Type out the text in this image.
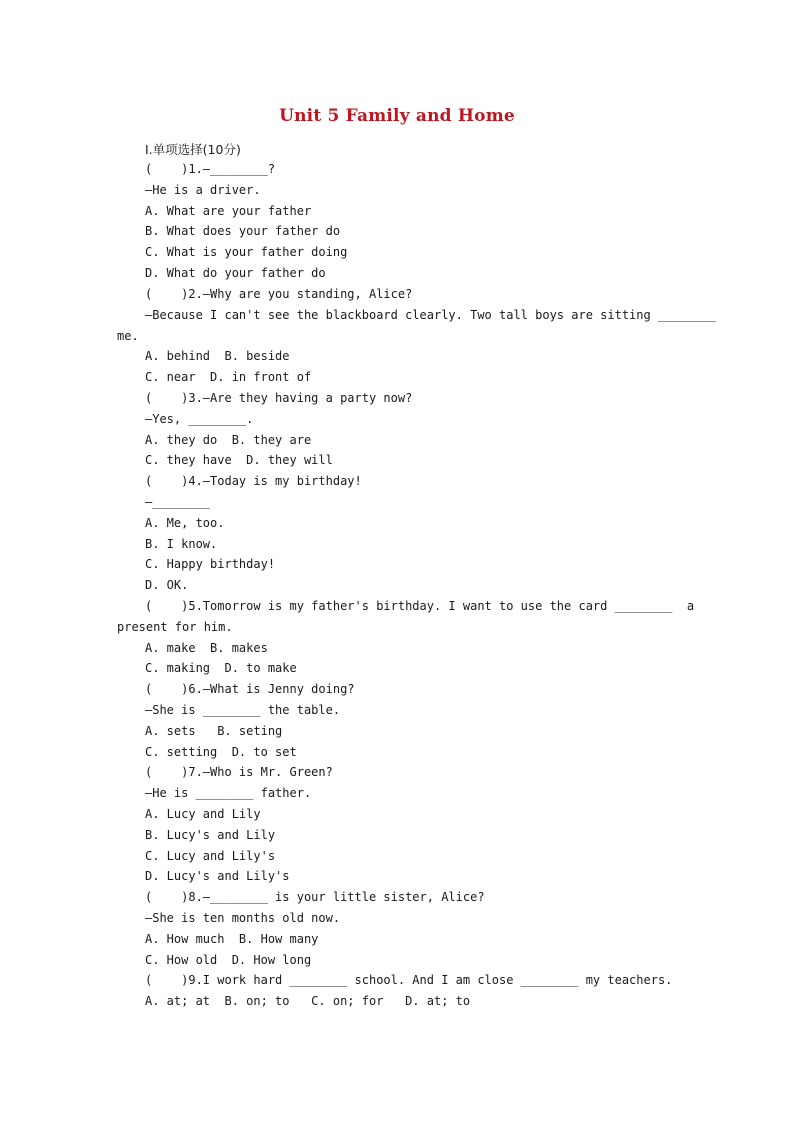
Unit 5 Family and Home
Ⅰ.单项选择(10分)
(    )1.—________?
—He is a driver.
A. What are your father
B. What does your father do
C. What is your father doing
D. What do your father do
(    )2.—Why are you standing, Alice?
—Because I can't see the blackboard clearly. Two tall boys are sitting ________
me.
A. behind  B. beside
C. near  D. in front of
(    )3.—Are they having a party now?
—Yes, ________.
A. they do  B. they are
C. they have  D. they will
(    )4.—Today is my birthday!
—________
A. Me, too.
B. I know.
C. Happy birthday!
D. OK.
(    )5.Tomorrow is my father's birthday. I want to use the card ________  a
present for him.
A. make  B. makes
C. making  D. to make
(    )6.—What is Jenny doing?
—She is ________ the table.
A. sets   B. seting
C. setting  D. to set
(    )7.—Who is Mr. Green?
—He is ________ father.
A. Lucy and Lily
B. Lucy's and Lily
C. Lucy and Lily's
D. Lucy's and Lily's
(    )8.—________ is your little sister, Alice?
—She is ten months old now.
A. How much  B. How many
C. How old  D. How long
(    )9.I work hard ________ school. And I am close ________ my teachers.
A. at; at  B. on; to   C. on; for   D. at; to
